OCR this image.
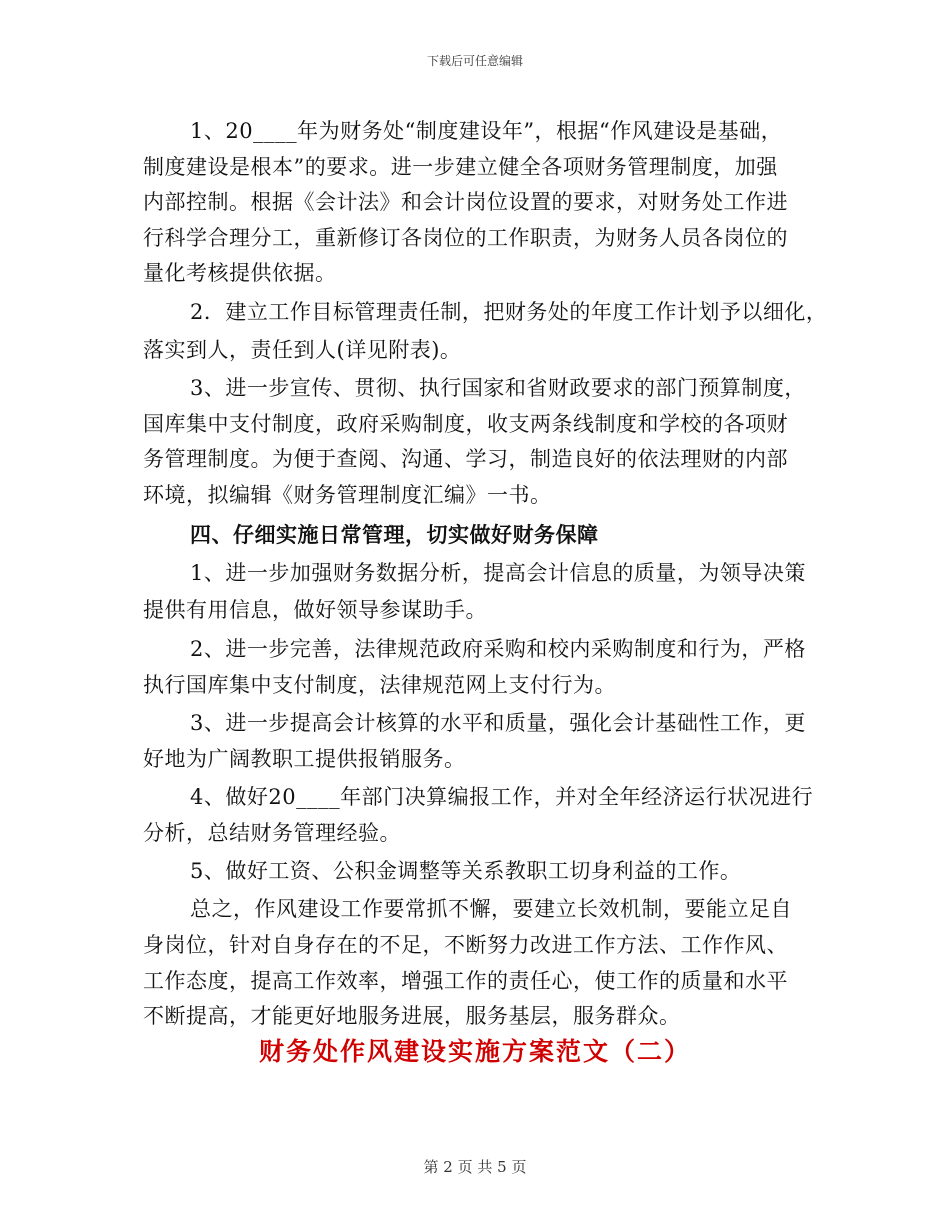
下载后可任意编辑
1、20____年为财务处“制度建设年”，根据“作风建设是基础，
制度建设是根本”的要求。进一步建立健全各项财务管理制度，加强
内部控制。根据《会计法》和会计岗位设置的要求，对财务处工作进
行科学合理分工，重新修订各岗位的工作职责，为财务人员各岗位的
量化考核提供依据。
2．建立工作目标管理责任制，把财务处的年度工作计划予以细化，
落实到人，责任到人(详见附表)。
3、进一步宣传、贯彻、执行国家和省财政要求的部门预算制度，
国库集中支付制度，政府采购制度，收支两条线制度和学校的各项财
务管理制度。为便于查阅、沟通、学习，制造良好的依法理财的内部
环境，拟编辑《财务管理制度汇编》一书。
四、仔细实施日常管理，切实做好财务保障
1、进一步加强财务数据分析，提高会计信息的质量，为领导决策
提供有用信息，做好领导参谋助手。
2、进一步完善，法律规范政府采购和校内采购制度和行为，严格
执行国库集中支付制度，法律规范网上支付行为。
3、进一步提高会计核算的水平和质量，强化会计基础性工作，更
好地为广阔教职工提供报销服务。
4、做好20____年部门决算编报工作，并对全年经济运行状况进行
分析，总结财务管理经验。
5、做好工资、公积金调整等关系教职工切身利益的工作。
总之，作风建设工作要常抓不懈，要建立长效机制，要能立足自
身岗位，针对自身存在的不足，不断努力改进工作方法、工作作风、
工作态度，提高工作效率，增强工作的责任心，使工作的质量和水平
不断提高，才能更好地服务进展，服务基层，服务群众。
财务处作风建设实施方案范文（二）
第 2 页 共 5 页
